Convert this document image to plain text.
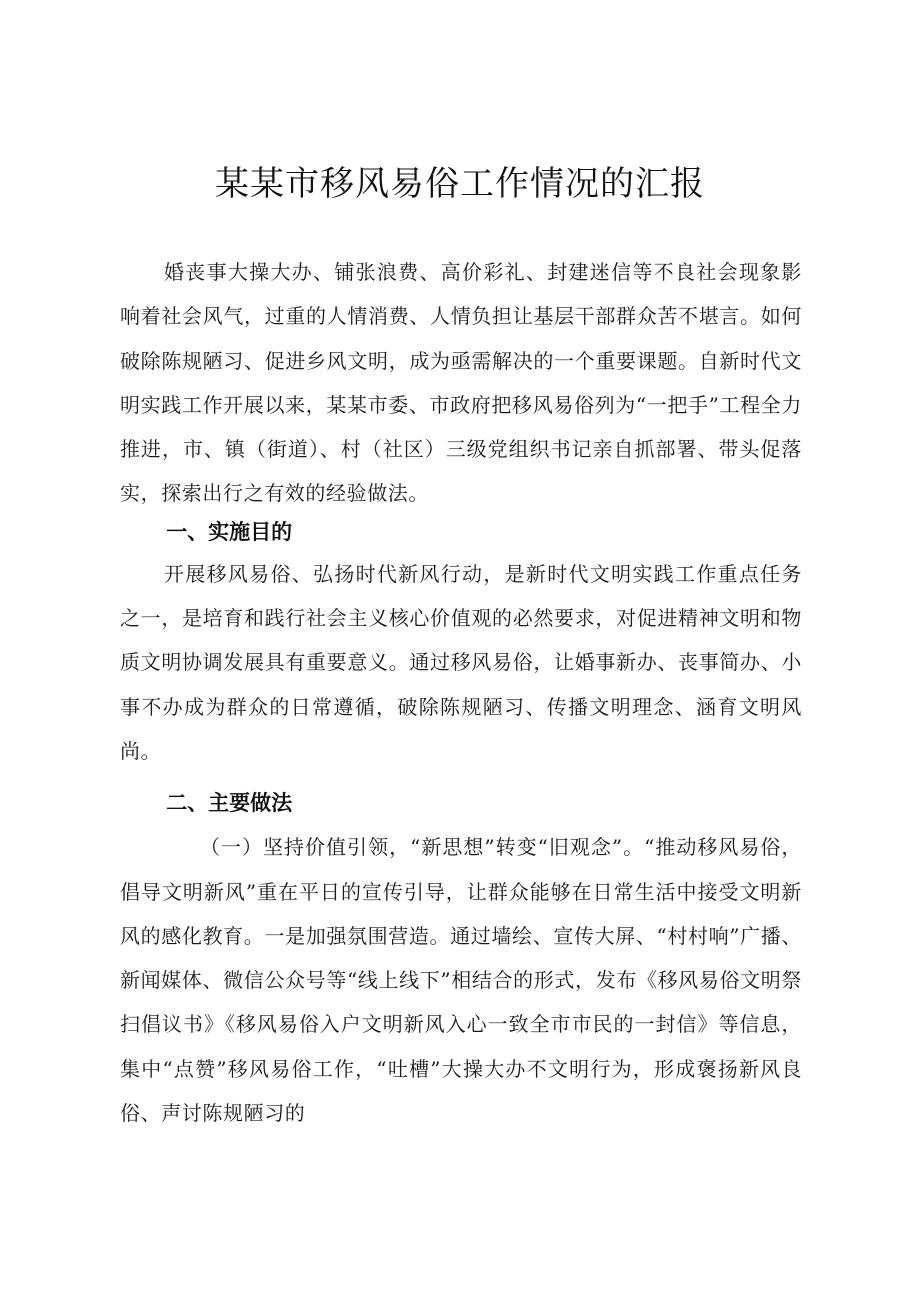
某某市移风易俗工作情况的汇报

婚丧事大操大办、铺张浪费、高价彩礼、封建迷信等不良社会现象影响着社会风气，过重的人情消费、人情负担让基层干部群众苦不堪言。如何破除陈规陋习、促进乡风文明，成为亟需解决的一个重要课题。自新时代文明实践工作开展以来，某某市委、市政府把移风易俗列为“一把手”工程全力推进，市、镇（街道）、村（社区）三级党组织书记亲自抓部署、带头促落实，探索出行之有效的经验做法。

一、实施目的

开展移风易俗、弘扬时代新风行动，是新时代文明实践工作重点任务之一，是培育和践行社会主义核心价值观的必然要求，对促进精神文明和物质文明协调发展具有重要意义。通过移风易俗，让婚事新办、丧事简办、小事不办成为群众的日常遵循，破除陈规陋习、传播文明理念、涵育文明风尚。

二、主要做法

（一）坚持价值引领，“新思想”转变“旧观念”。“推动移风易俗，倡导文明新风”重在平日的宣传引导，让群众能够在日常生活中接受文明新风的感化教育。一是加强氛围营造。通过墙绘、宣传大屏、“村村响”广播、新闻媒体、微信公众号等“线上线下”相结合的形式，发布《移风易俗文明祭扫倡议书》《移风易俗入户文明新风入心一致全市市民的一封信》等信息，集中“点赞”移风易俗工作，“吐槽”大操大办不文明行为，形成褒扬新风良俗、声讨陈规陋习的
